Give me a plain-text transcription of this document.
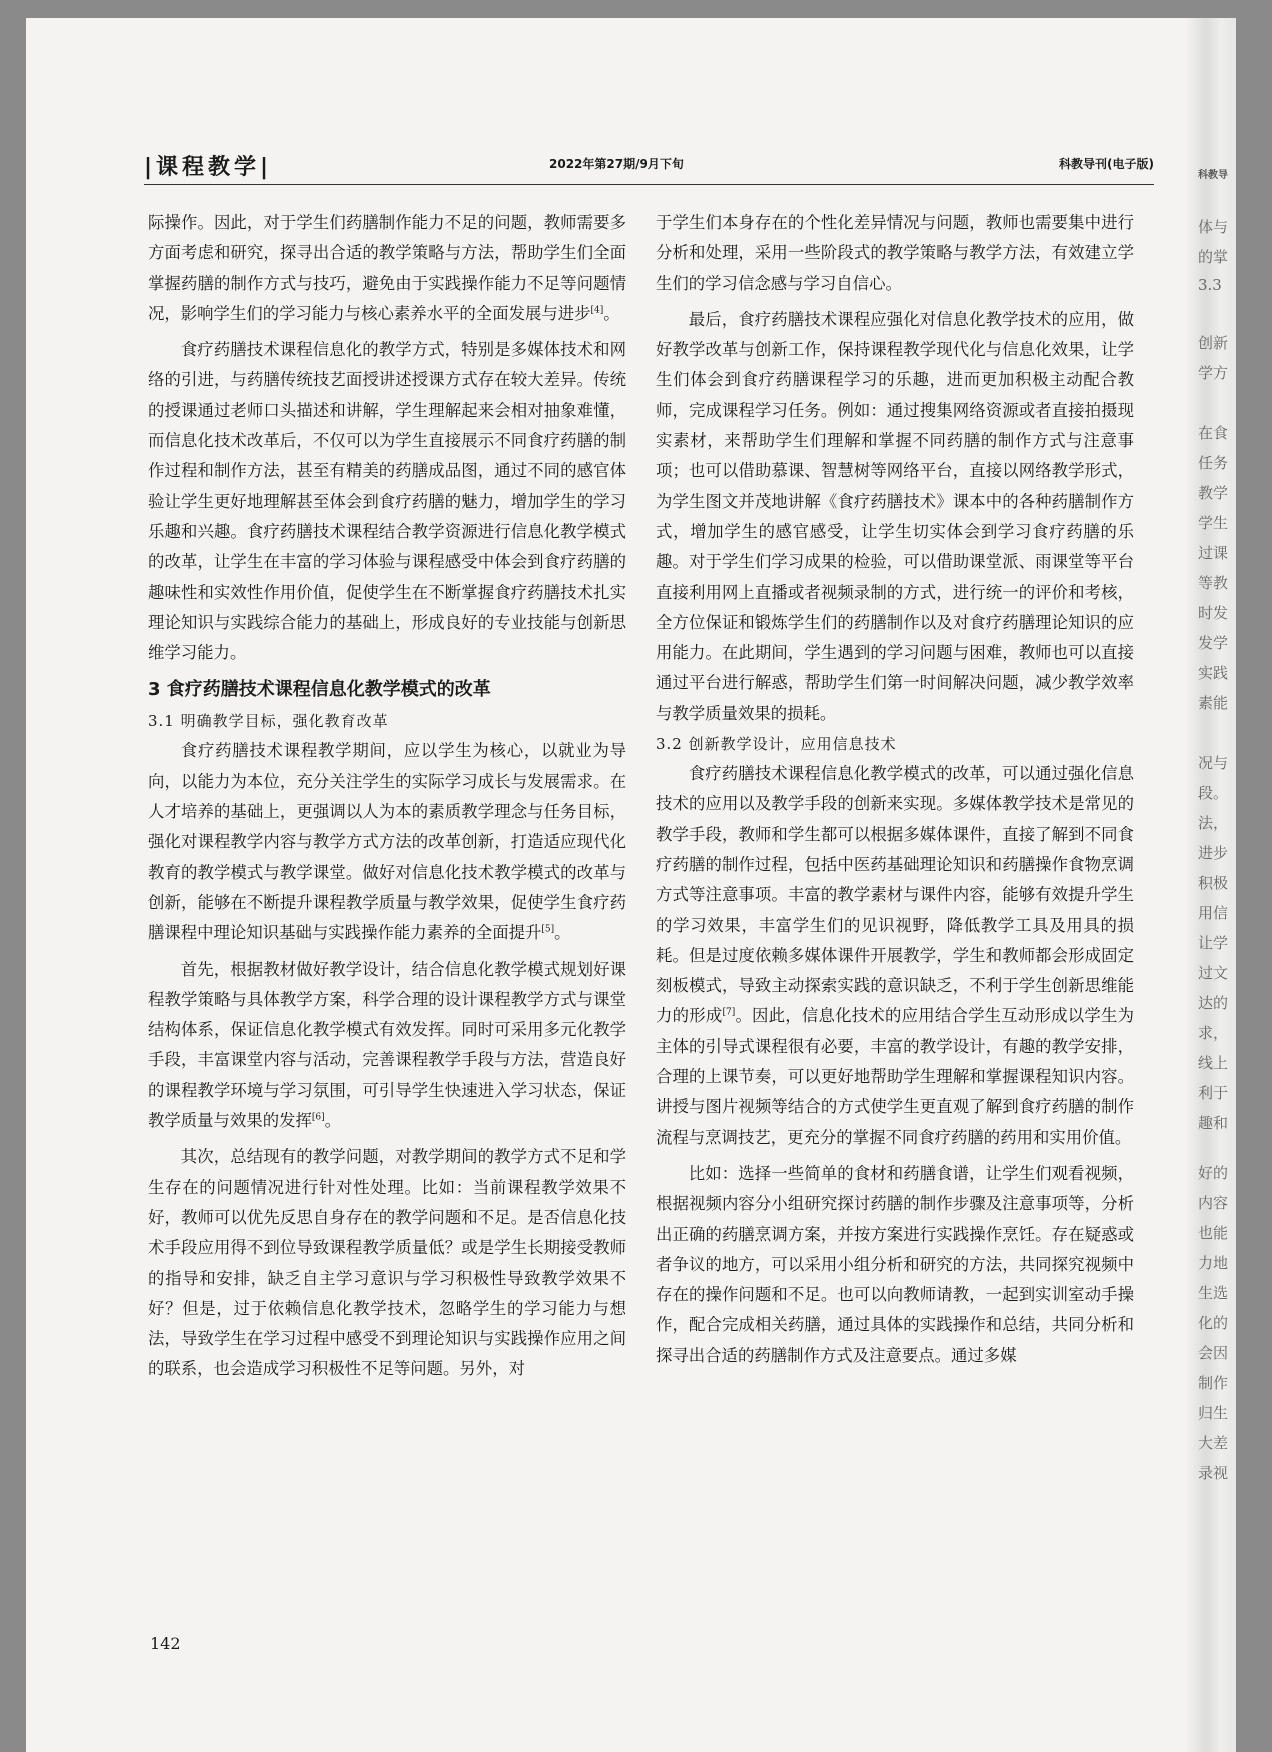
|课程教学|	2022年第27期/9月下旬	科教导刊(电子版)

际操作。因此，对于学生们药膳制作能力不足的问题，教师需要多方面考虑和研究，探寻出合适的教学策略与方法，帮助学生们全面掌握药膳的制作方式与技巧，避免由于实践操作能力不足等问题情况，影响学生们的学习能力与核心素养水平的全面发展与进步[4]。

食疗药膳技术课程信息化的教学方式，特别是多媒体技术和网络的引进，与药膳传统技艺面授讲述授课方式存在较大差异。传统的授课通过老师口头描述和讲解，学生理解起来会相对抽象难懂，而信息化技术改革后，不仅可以为学生直接展示不同食疗药膳的制作过程和制作方法，甚至有精美的药膳成品图，通过不同的感官体验让学生更好地理解甚至体会到食疗药膳的魅力，增加学生的学习乐趣和兴趣。食疗药膳技术课程结合教学资源进行信息化教学模式的改革，让学生在丰富的学习体验与课程感受中体会到食疗药膳的趣味性和实效性作用价值，促使学生在不断掌握食疗药膳技术扎实理论知识与实践综合能力的基础上，形成良好的专业技能与创新思维学习能力。

3 食疗药膳技术课程信息化教学模式的改革
3.1 明确教学目标，强化教育改革

食疗药膳技术课程教学期间，应以学生为核心，以就业为导向，以能力为本位，充分关注学生的实际学习成长与发展需求。在人才培养的基础上，更强调以人为本的素质教学理念与任务目标，强化对课程教学内容与教学方式方法的改革创新，打造适应现代化教育的教学模式与教学课堂。做好对信息化技术教学模式的改革与创新，能够在不断提升课程教学质量与教学效果，促使学生食疗药膳课程中理论知识基础与实践操作能力素养的全面提升[5]。

首先，根据教材做好教学设计，结合信息化教学模式规划好课程教学策略与具体教学方案，科学合理的设计课程教学方式与课堂结构体系，保证信息化教学模式有效发挥。同时可采用多元化教学手段，丰富课堂内容与活动，完善课程教学手段与方法，营造良好的课程教学环境与学习氛围，可引导学生快速进入学习状态，保证教学质量与效果的发挥[6]。

其次，总结现有的教学问题，对教学期间的教学方式不足和学生存在的问题情况进行针对性处理。比如：当前课程教学效果不好，教师可以优先反思自身存在的教学问题和不足。是否信息化技术手段应用得不到位导致课程教学质量低？或是学生长期接受教师的指导和安排，缺乏自主学习意识与学习积极性导致教学效果不好？但是，过于依赖信息化教学技术，忽略学生的学习能力与想法，导致学生在学习过程中感受不到理论知识与实践操作应用之间的联系，也会造成学习积极性不足等问题。另外，对

于学生们本身存在的个性化差异情况与问题，教师也需要集中进行分析和处理，采用一些阶段式的教学策略与教学方法，有效建立学生们的学习信念感与学习自信心。

最后，食疗药膳技术课程应强化对信息化教学技术的应用，做好教学改革与创新工作，保持课程教学现代化与信息化效果，让学生们体会到食疗药膳课程学习的乐趣，进而更加积极主动配合教师，完成课程学习任务。例如：通过搜集网络资源或者直接拍摄现实素材，来帮助学生们理解和掌握不同药膳的制作方式与注意事项；也可以借助慕课、智慧树等网络平台，直接以网络教学形式，为学生图文并茂地讲解《食疗药膳技术》课本中的各种药膳制作方式，增加学生的感官感受，让学生切实体会到学习食疗药膳的乐趣。对于学生们学习成果的检验，可以借助课堂派、雨课堂等平台直接利用网上直播或者视频录制的方式，进行统一的评价和考核，全方位保证和锻炼学生们的药膳制作以及对食疗药膳理论知识的应用能力。在此期间，学生遇到的学习问题与困难，教师也可以直接通过平台进行解惑，帮助学生们第一时间解决问题，减少教学效率与教学质量效果的损耗。

3.2 创新教学设计，应用信息技术

食疗药膳技术课程信息化教学模式的改革，可以通过强化信息技术的应用以及教学手段的创新来实现。多媒体教学技术是常见的教学手段，教师和学生都可以根据多媒体课件，直接了解到不同食疗药膳的制作过程，包括中医药基础理论知识和药膳操作食物烹调方式等注意事项。丰富的教学素材与课件内容，能够有效提升学生的学习效果，丰富学生们的见识视野，降低教学工具及用具的损耗。但是过度依赖多媒体课件开展教学，学生和教师都会形成固定刻板模式，导致主动探索实践的意识缺乏，不利于学生创新思维能力的形成[7]。因此，信息化技术的应用结合学生互动形成以学生为主体的引导式课程很有必要，丰富的教学设计，有趣的教学安排，合理的上课节奏，可以更好地帮助学生理解和掌握课程知识内容。讲授与图片视频等结合的方式使学生更直观了解到食疗药膳的制作流程与烹调技艺，更充分的掌握不同食疗药膳的药用和实用价值。

比如：选择一些简单的食材和药膳食谱，让学生们观看视频，根据视频内容分小组研究探讨药膳的制作步骤及注意事项等，分析出正确的药膳烹调方案，并按方案进行实践操作烹饪。存在疑惑或者争议的地方，可以采用小组分析和研究的方法，共同探究视频中存在的操作问题和不足。也可以向教师请教，一起到实训室动手操作，配合完成相关药膳，通过具体的实践操作和总结，共同分析和探寻出合适的药膳制作方式及注意要点。通过多媒

142
科教导
体与
的掌
3.3
创新
学方
在食
任务
教学
学生
过课
等教
时发
发学
实践
素能
况与
段。
法，
进步
积极
用信
让学
过文
达的
求，
线上
利于
趣和
好的
内容
也能
力地
生选
化的
会因
制作
归生
大差
录视
